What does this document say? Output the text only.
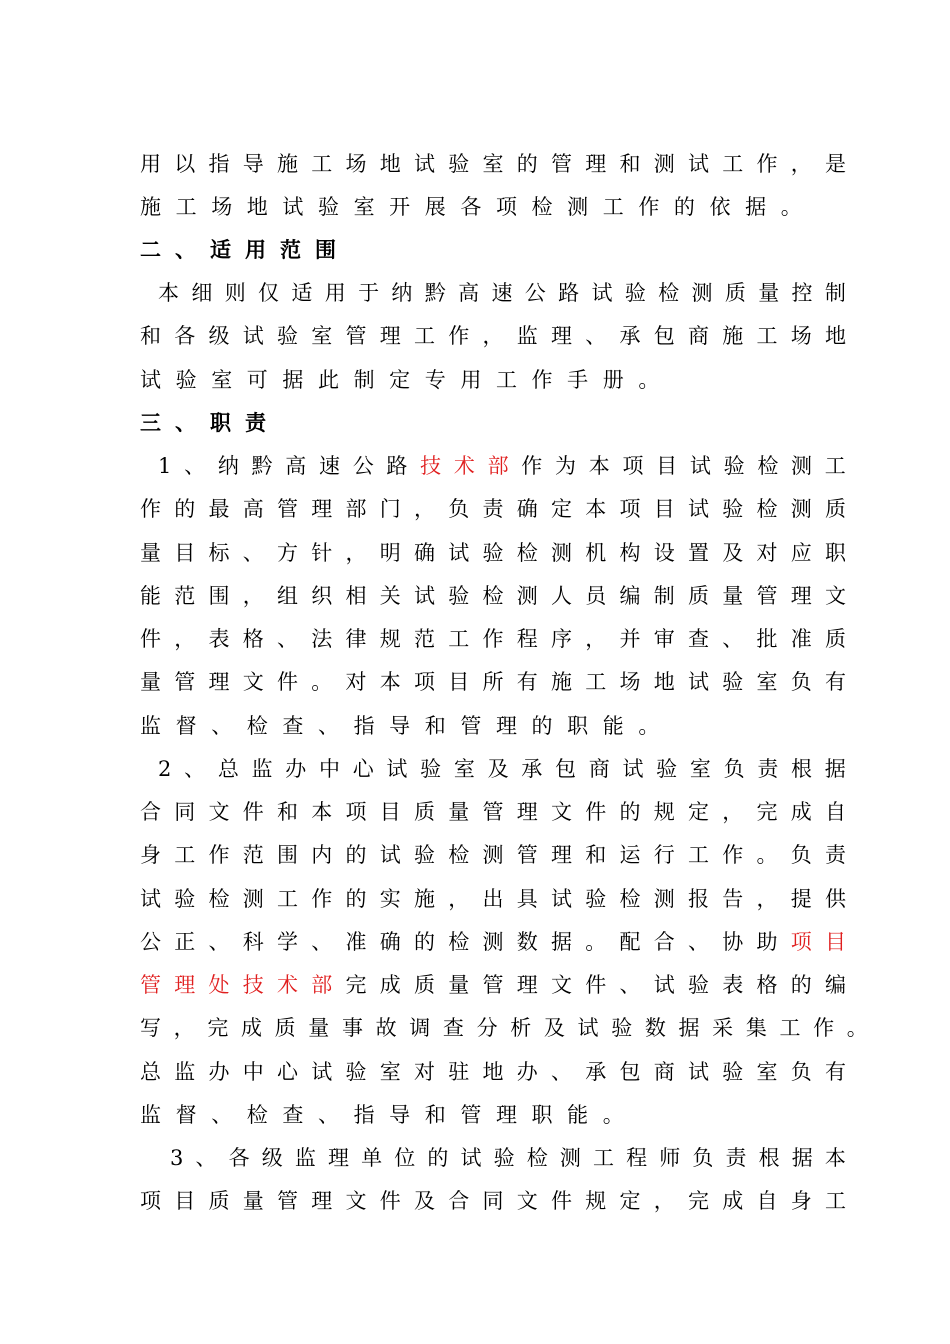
用 以 指 导 施 工 场 地 试 验 室 的 管 理 和 测 试 工 作 ， 是
施 工 场 地 试 验 室 开 展 各 项 检 测 工 作 的 依 据 。
二 、 适 用 范 围
本 细 则 仅 适 用 于 纳 黔 高 速 公 路 试 验 检 测 质 量 控 制
和 各 级 试 验 室 管 理 工 作 ， 监 理 、 承 包 商 施 工 场 地
试 验 室 可 据 此 制 定 专 用 工 作 手 册 。
三 、 职 责
1 、 纳 黔 高 速 公 路 技 术 部 作 为 本 项 目 试 验 检 测 工
作 的 最 高 管 理 部 门 ， 负 责 确 定 本 项 目 试 验 检 测 质
量 目 标 、 方 针 ， 明 确 试 验 检 测 机 构 设 置 及 对 应 职
能 范 围 ， 组 织 相 关 试 验 检 测 人 员 编 制 质 量 管 理 文
件 ， 表 格 、 法 律 规 范 工 作 程 序 ， 并 审 查 、 批 准 质
量 管 理 文 件 。 对 本 项 目 所 有 施 工 场 地 试 验 室 负 有
监 督 、 检 查 、 指 导 和 管 理 的 职 能 。
2 、 总 监 办 中 心 试 验 室 及 承 包 商 试 验 室 负 责 根 据
合 同 文 件 和 本 项 目 质 量 管 理 文 件 的 规 定 ， 完 成 自
身 工 作 范 围 内 的 试 验 检 测 管 理 和 运 行 工 作 。 负 责
试 验 检 测 工 作 的 实 施 ， 出 具 试 验 检 测 报 告 ， 提 供
公 正 、 科 学 、 准 确 的 检 测 数 据 。 配 合 、 协 助 项 目
管 理 处 技 术 部 完 成 质 量 管 理 文 件 、 试 验 表 格 的 编
写 ， 完 成 质 量 事 故 调 查 分 析 及 试 验 数 据 采 集 工 作 。
总 监 办 中 心 试 验 室 对 驻 地 办 、 承 包 商 试 验 室 负 有
监 督 、 检 查 、 指 导 和 管 理 职 能 。
3 、 各 级 监 理 单 位 的 试 验 检 测 工 程 师 负 责 根 据 本
项 目 质 量 管 理 文 件 及 合 同 文 件 规 定 ， 完 成 自 身 工
